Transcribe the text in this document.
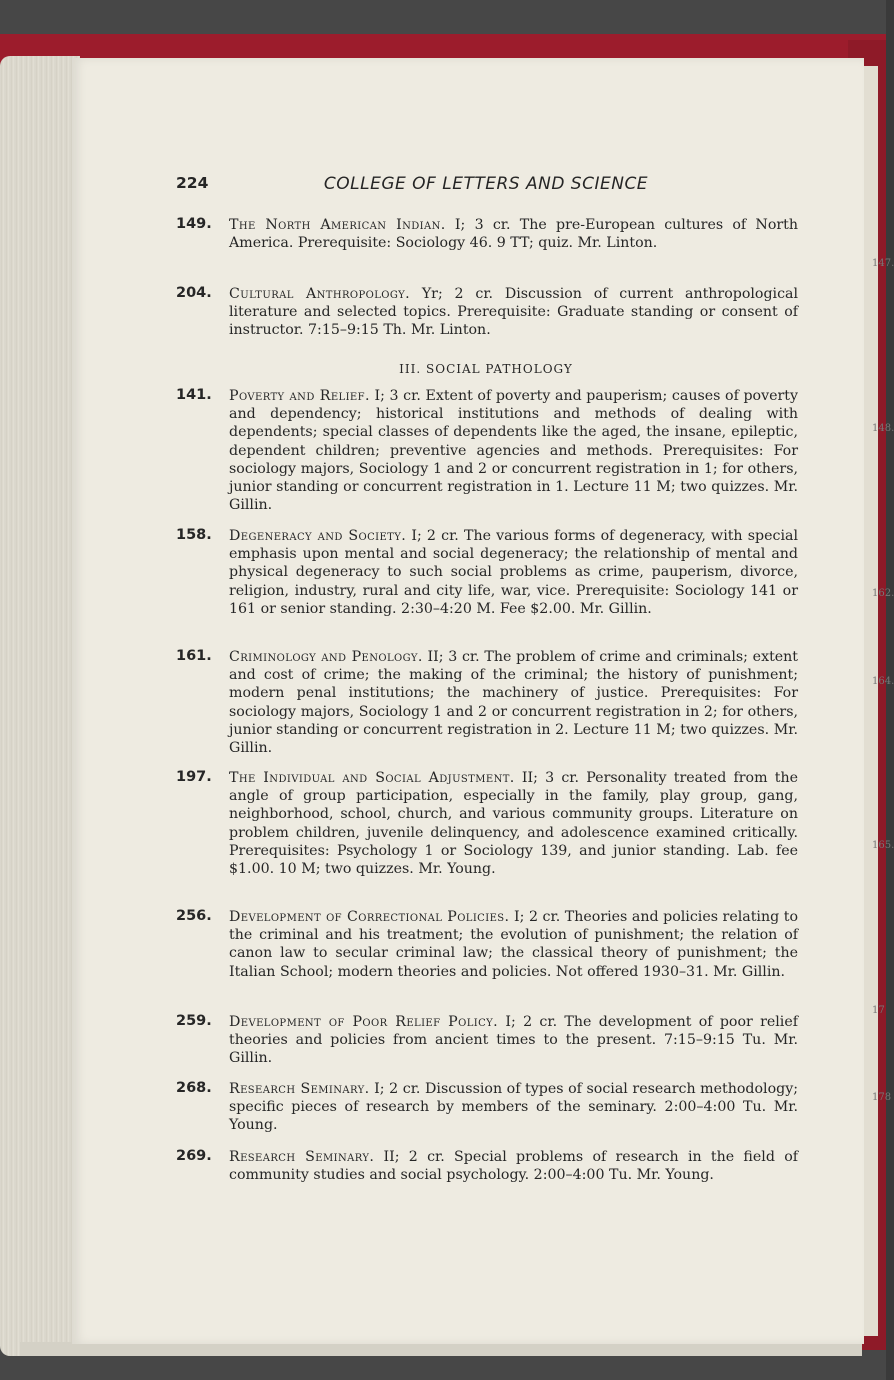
147.
148.
162.
164.
165.
17
178
COLLEGE OF LETTERS AND SCIENCE
224
149. The North American Indian. I; 3 cr. The pre-European cultures of North America. Prerequisite: Sociology 46. 9 TT; quiz. Mr. Linton.
204. Cultural Anthropology. Yr; 2 cr. Discussion of current anthropological literature and selected topics. Prerequisite: Graduate standing or consent of instructor. 7:15–9:15 Th. Mr. Linton.
III. SOCIAL PATHOLOGY
141. Poverty and Relief. I; 3 cr. Extent of poverty and pauperism; causes of poverty and dependency; historical institutions and methods of dealing with dependents; special classes of dependents like the aged, the insane, epileptic, dependent children; preventive agencies and methods. Prerequisites: For sociology majors, Sociology 1 and 2 or concurrent registration in 1; for others, junior standing or concurrent registration in 1. Lecture 11 M; two quizzes. Mr. Gillin.
158. Degeneracy and Society. I; 2 cr. The various forms of degeneracy, with special emphasis upon mental and social degeneracy; the relationship of mental and physical degeneracy to such social problems as crime, pauperism, divorce, religion, industry, rural and city life, war, vice. Prerequisite: Sociology 141 or 161 or senior standing. 2:30–4:20 M. Fee $2.00. Mr. Gillin.
161. Criminology and Penology. II; 3 cr. The problem of crime and criminals; extent and cost of crime; the making of the criminal; the history of punishment; modern penal institutions; the machinery of justice. Prerequisites: For sociology majors, Sociology 1 and 2 or concurrent registration in 2; for others, junior standing or concurrent registration in 2. Lecture 11 M; two quizzes. Mr. Gillin.
197. The Individual and Social Adjustment. II; 3 cr. Personality treated from the angle of group participation, especially in the family, play group, gang, neighborhood, school, church, and various community groups. Literature on problem children, juvenile delinquency, and adolescence examined critically. Prerequisites: Psychology 1 or Sociology 139, and junior standing. Lab. fee $1.00. 10 M; two quizzes. Mr. Young.
256. Development of Correctional Policies. I; 2 cr. Theories and policies relating to the criminal and his treatment; the evolution of punishment; the relation of canon law to secular criminal law; the classical theory of punishment; the Italian School; modern theories and policies. Not offered 1930–31. Mr. Gillin.
259. Development of Poor Relief Policy. I; 2 cr. The development of poor relief theories and policies from ancient times to the present. 7:15–9:15 Tu. Mr. Gillin.
268. Research Seminary. I; 2 cr. Discussion of types of social research methodology; specific pieces of research by members of the seminary. 2:00–4:00 Tu. Mr. Young.
269. Research Seminary. II; 2 cr. Special problems of research in the field of community studies and social psychology. 2:00–4:00 Tu. Mr. Young.
